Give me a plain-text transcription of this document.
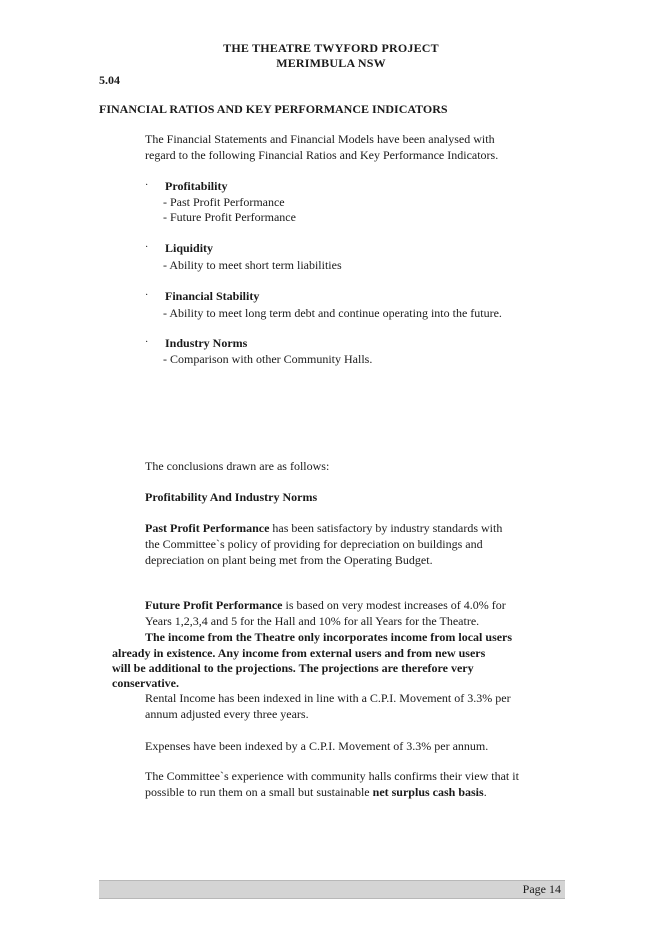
THE THEATRE TWYFORD PROJECT
MERIMBULA NSW
5.04
FINANCIAL RATIOS AND KEY PERFORMANCE INDICATORS
The Financial Statements and Financial Models have been analysed with
regard to the following Financial Ratios and Key Performance Indicators.
·	Profitability
- Past Profit Performance
- Future Profit Performance
·	Liquidity
- Ability to meet short term liabilities
·	Financial Stability
- Ability to meet long term debt and continue operating into the future.
·	Industry Norms
- Comparison with other Community Halls.
The conclusions drawn are as follows:
Profitability And Industry Norms
Past Profit Performance has been satisfactory by industry standards with
the Committee`s policy of providing for depreciation on buildings and
depreciation on plant being met from the Operating Budget.
Future Profit Performance is based on very modest increases of 4.0% for
Years 1,2,3,4 and 5 for the Hall and 10% for all Years for the Theatre.
The income from the Theatre only incorporates income from local users
already in existence. Any income from external users and from new users
will be additional to the projections. The projections are therefore very
conservative.
Rental Income has been indexed in line with a C.P.I. Movement of 3.3% per
annum adjusted every three years.
Expenses have been indexed by a C.P.I. Movement of 3.3% per annum.
The Committee`s experience with community halls confirms their view that it
possible to run them on a small but sustainable net surplus cash basis.
Page 14
